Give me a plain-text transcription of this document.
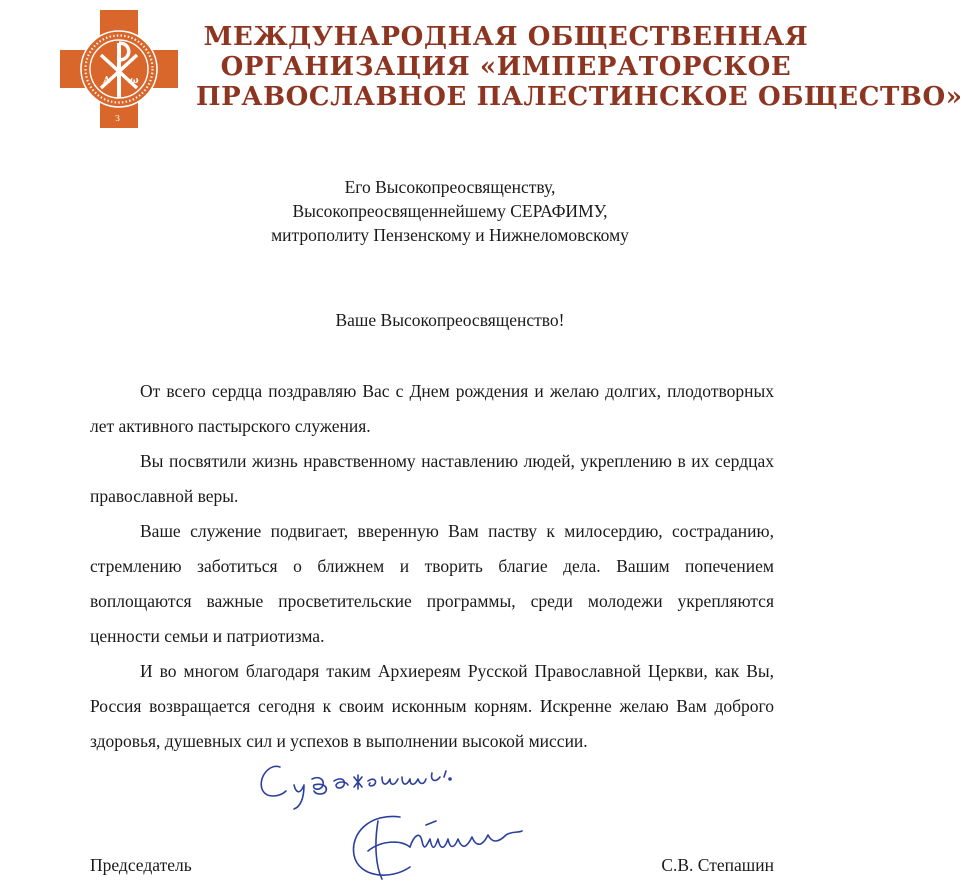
А ω
З
МЕЖДУНАРОДНАЯ ОБЩЕСТВЕННАЯ
ОРГАНИЗАЦИЯ «ИМПЕРАТОРСКОЕ
ПРАВОСЛАВНОЕ ПАЛЕСТИНСКОЕ ОБЩЕСТВО»
Его Высокопреосвященству,
Высокопреосвященнейшему СЕРАФИМУ,
митрополиту Пензенскому и Нижнеломовскому
Ваше Высокопреосвященство!

От всего сердца поздравляю Вас с Днем рождения и желаю долгих, плодотворных лет активного пастырского служения.

Вы посвятили жизнь нравственному наставлению людей, укреплению в их сердцах православной веры.

Ваше служение подвигает, вверенную Вам паству к милосердию, состраданию, стремлению заботиться о ближнем и творить благие дела. Вашим попечением воплощаются важные просветительские программы, среди молодежи укрепляются ценности семьи и патриотизма.

И во многом благодаря таким Архиереям Русской Православной Церкви, как Вы, Россия возвращается сегодня к своим исконным корням. Искренне желаю Вам доброго здоровья, душевных сил и успехов в выполнении высокой миссии.

Председатель	С.В. Степашин
